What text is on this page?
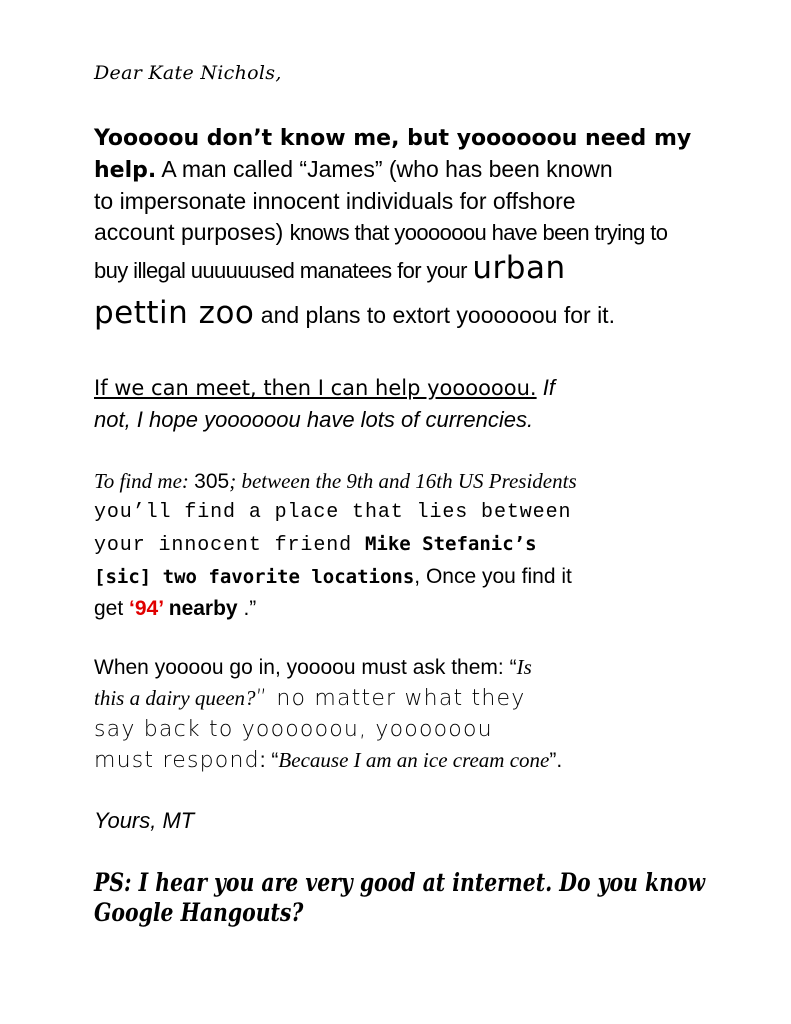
Dear Kate Nichols,

Yooooou don’t know me, but yoooooou need my
help. A man called “James” (who has been known
to impersonate innocent individuals for offshore
account purposes) knows that yoooooou have been trying to
buy illegal uuuuuused manatees for your urban
pettin zoo and plans to extort yoooooou for it.
If we can meet, then I can help yoooooou. If
not, I hope yoooooou have lots of currencies.
To find me: 305; between the 9th and 16th US Presidents
you’ll find a place that lies between
your innocent friend Mike Stefanic’s
[sic] two favorite locations, Once you find it
get ‘94’ nearby .”
When yoooou go in, yoooou must ask them: “Is
this a dairy queen?” no matter what they
say back to yoooooou, yoooooou
must respond: “Because I am an ice cream cone”.

Yours, MT

PS: I hear you are very good at internet. Do you know
Google Hangouts?
